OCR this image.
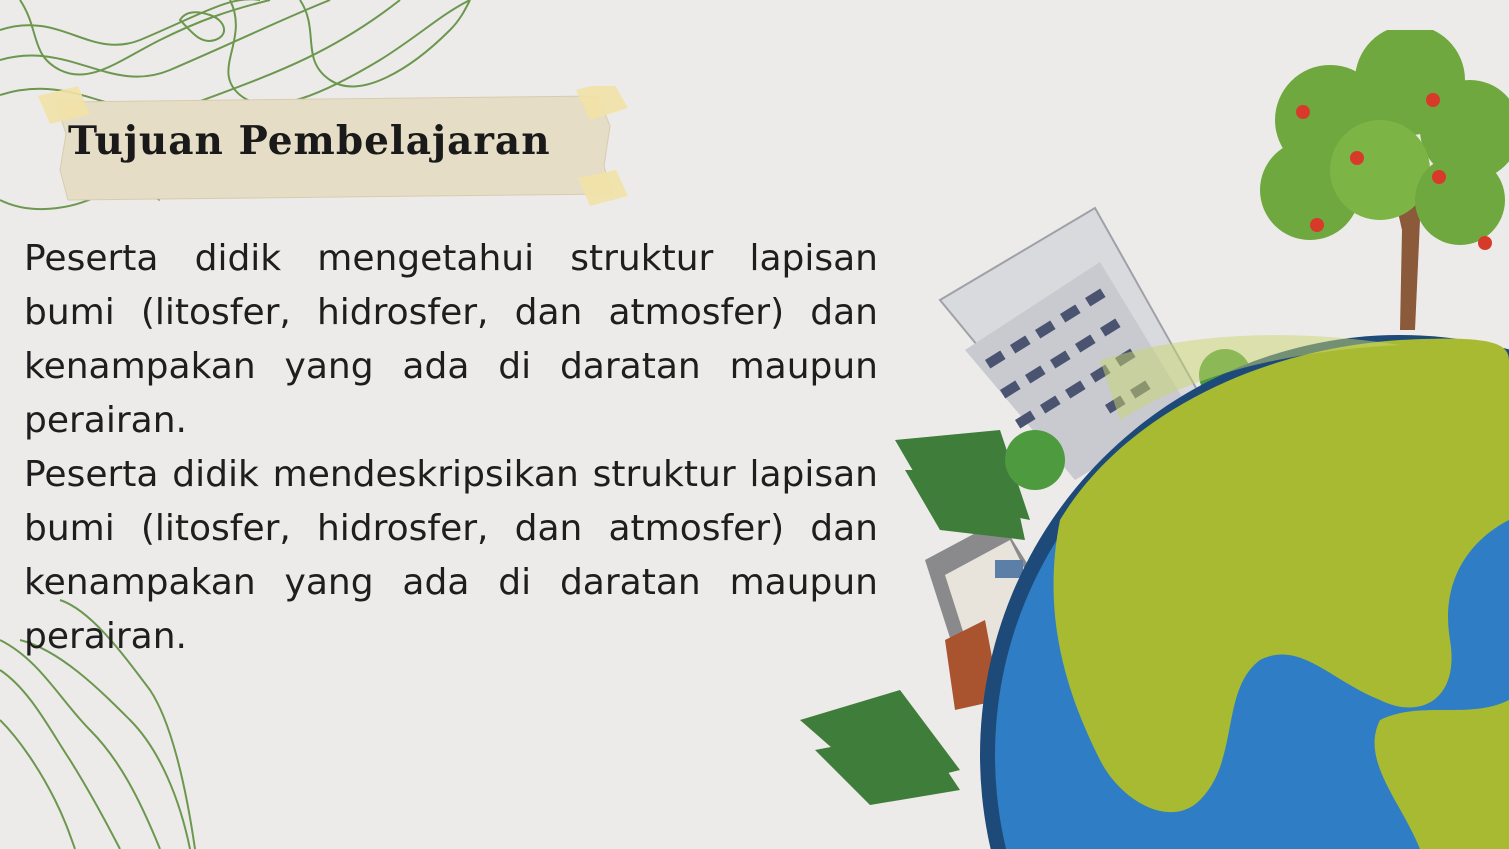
Tujuan Pembelajaran

Peserta didik mengetahui struktur lapisan bumi (litosfer, hidrosfer, dan atmosfer) dan kenampakan yang ada di daratan maupun perairan.

Peserta didik mendeskripsikan struktur lapisan bumi (litosfer, hidrosfer, dan atmosfer) dan kenampakan yang ada di daratan maupun perairan.
